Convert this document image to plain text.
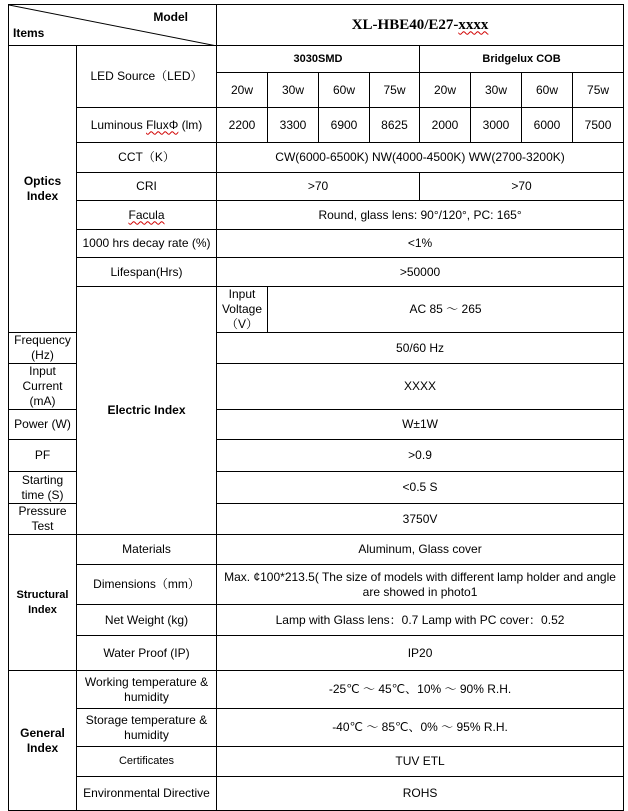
Model
Items		XL-HBE40/E27-xxxx							
Optics Index	LED Source（LED）	3030SMD				Bridgelux COB			
		20w	30w	60w	75w	20w	30w	60w	75w
	Luminous FluxΦ (lm)	2200	3300	6900	8625	2000	3000	6000	7500
	CCT（K）	CW(6000-6500K) NW(4000-4500K) WW(2700-3200K)							
	CRI	>70				>70			
	Facula	Round, glass lens: 90°/120°, PC: 165°							
	1000 hrs decay rate (%)	<1%							
	Lifespan(Hrs)	>50000							
	Electric Index	Input Voltage（V）	AC 85 ～ 265						
Frequency (Hz)		50/60 Hz							
Input Current (mA)		XXXX							
Power (W)		W±1W							
PF		>0.9							
Starting time (S)		<0.5 S							
Pressure Test		3750V							
Structural Index	Materials	Aluminum, Glass cover							
	Dimensions（mm）	Max. ¢100*213.5( The size of models with different lamp holder and angle are showed in photo1							
	Net Weight (kg)	Lamp with Glass lens：0.7 Lamp with PC cover：0.52							
	Water Proof (IP)	IP20							
General Index	Working temperature & humidity	-25℃ ～ 45℃、10% ～ 90% R.H.							
	Storage temperature & humidity	-40℃ ～ 85℃、0% ～ 95% R.H.							
	Certificates	TUV ETL							
	Environmental Directive	ROHS							
